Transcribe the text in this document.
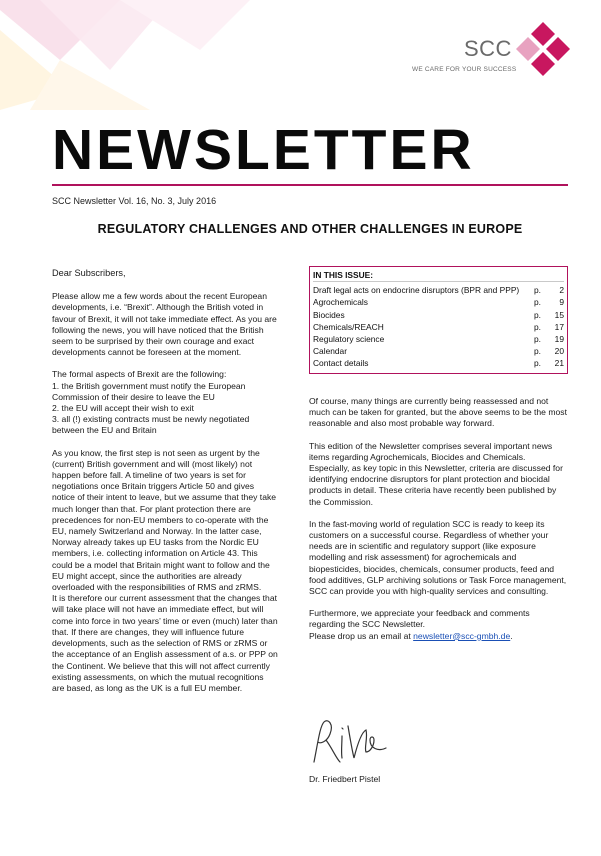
SCC
WE CARE FOR YOUR SUCCESS
NEWSLETTER
SCC Newsletter Vol. 16, No. 3, July 2016
REGULATORY CHALLENGES AND OTHER CHALLENGES IN EUROPE

Dear Subscribers,

Please allow me a few words about the recent European developments, i.e. “Brexit”. Although the British voted in favour of Brexit, it will not take immediate effect. As you are following the news, you will have noticed that the British seem to be surprised by their own courage and exact developments cannot be foreseen at the moment.

The formal aspects of Brexit are the following:
1. the British government must notify the European Commission of their desire to leave the EU
2. the EU will accept their wish to exit
3. all (!) existing contracts must be newly negotiated between the EU and Britain

As you know, the first step is not seen as urgent by the (current) British government and will (most likely) not happen before fall. A timeline of two years is set for negotiations once Britain triggers Article 50 and gives notice of their intent to leave, but we assume that they take much longer than that. For plant protection there are precedences for non-EU members to co-operate with the EU, namely Switzerland and Norway. In the latter case, Norway already takes up EU tasks from the Nordic EU members, i.e. collecting information on Article 43. This could be a model that Britain might want to follow and the EU might accept, since the authorities are already overloaded with the responsibilities of RMS and zRMS.

It is therefore our current assessment that the changes that will take place will not have an immediate effect, but will come into force in two years’ time or even (much) later than that. If there are changes, they will influence future developments, such as the selection of RMS or zRMS or the acceptance of an English assessment of a.s. or PPP on the Continent. We believe that this will not affect currently existing assessments, on which the mutual recognitions are based, as long as the UK is a full EU member.

IN THIS ISSUE:
Draft legal acts on endocrine disruptors (BPR and PPP) p. 2
Agrochemicals	p. 9
Biocides	p. 15
Chemicals/REACH	p. 17
Regulatory science	p. 19
Calendar	p. 20
Contact details	p. 21

Of course, many things are currently being reassessed and not much can be taken for granted, but the above seems to be the most reasonable and also most probable way forward.

This edition of the Newsletter comprises several important news items regarding Agrochemicals, Biocides and Chemicals. Especially, as key topic in this Newsletter, criteria are discussed for identifying endocrine disruptors for plant protection and biocidal products in detail. These criteria have recently been published by the Commission.

In the fast-moving world of regulation SCC is ready to keep its customers on a successful course. Regardless of whether your needs are in scientific and regulatory support (like exposure modelling and risk assessment) for agrochemicals and biopesticides, biocides, chemicals, consumer products, feed and food additives, GLP archiving solutions or Task Force management, SCC can provide you with high-quality services and consulting.

Furthermore, we appreciate your feedback and comments regarding the SCC Newsletter.
Please drop us an email at newsletter@scc-gmbh.de.

Dr. Friedbert Pistel
